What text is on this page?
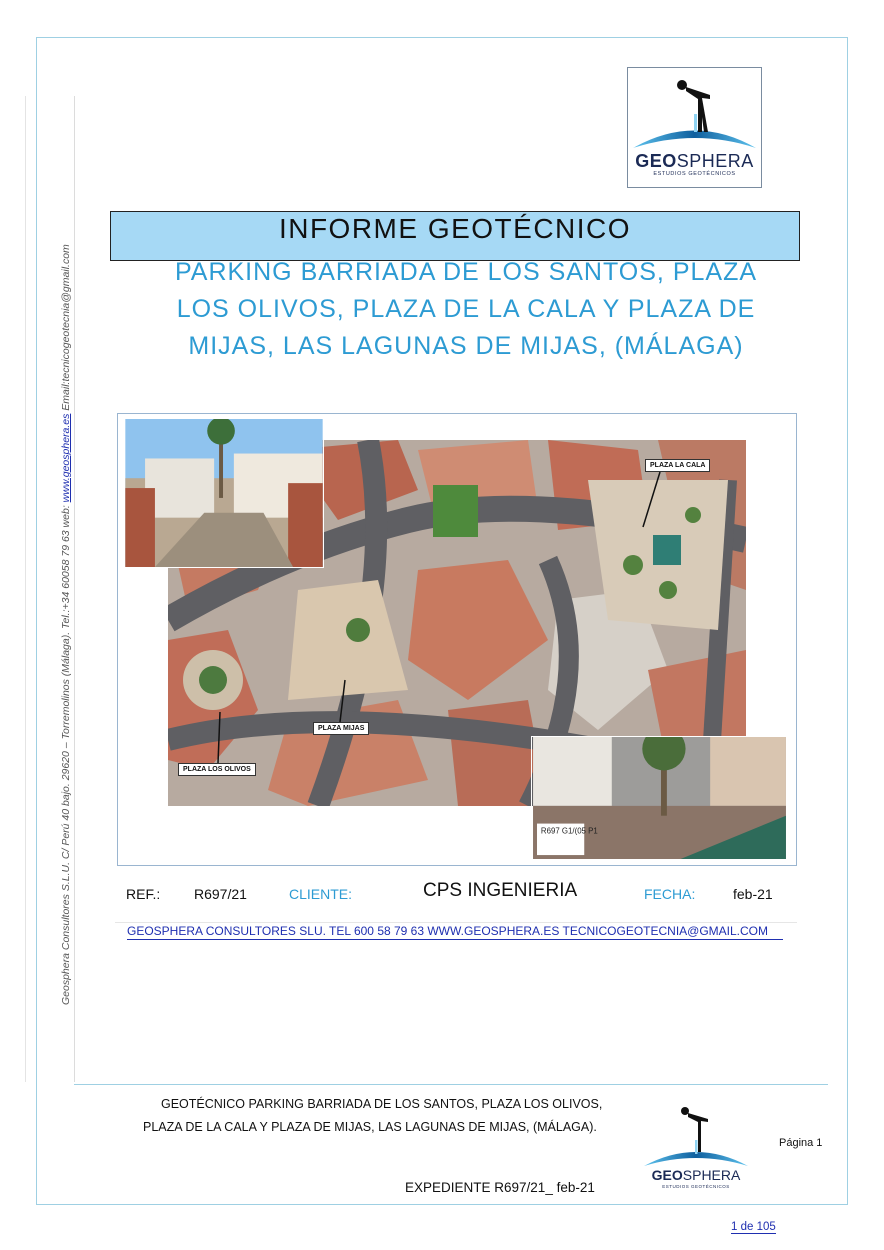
Geosphera Consultores S.L.U. C/ Perú 40 bajo. 29620 – Torremolinos (Málaga). Tel.:+34 60058 79 63 web: www.geosphera.es Email:tecnicogeotecnia@gmail.com
GEOSPHERA
ESTUDIOS GEOTÉCNICOS
INFORME GEOTÉCNICO
PARKING BARRIADA DE LOS SANTOS, PLAZA
LOS OLIVOS, PLAZA DE LA CALA Y PLAZA DE
MIJAS, LAS LAGUNAS DE MIJAS, (MÁLAGA)
R697 G1/(05 P1
PLAZA LA CALA
PLAZA MIJAS
PLAZA LOS OLIVOS
REF.: R697/21	CLIENTE:	CPS INGENIERIA	FECHA:	feb-21
GEOSPHERA CONSULTORES SLU. TEL 600 58 79 63 WWW.GEOSPHERA.ES TECNICOGEOTECNIA@GMAIL.COM
GEOTÉCNICO PARKING BARRIADA DE LOS SANTOS, PLAZA LOS OLIVOS,
PLAZA DE LA CALA Y PLAZA DE MIJAS, LAS LAGUNAS DE MIJAS, (MÁLAGA).
Página 1
GEOSPHERA
ESTUDIOS GEOTÉCNICOS
EXPEDIENTE R697/21_ feb-21
1 de 105
